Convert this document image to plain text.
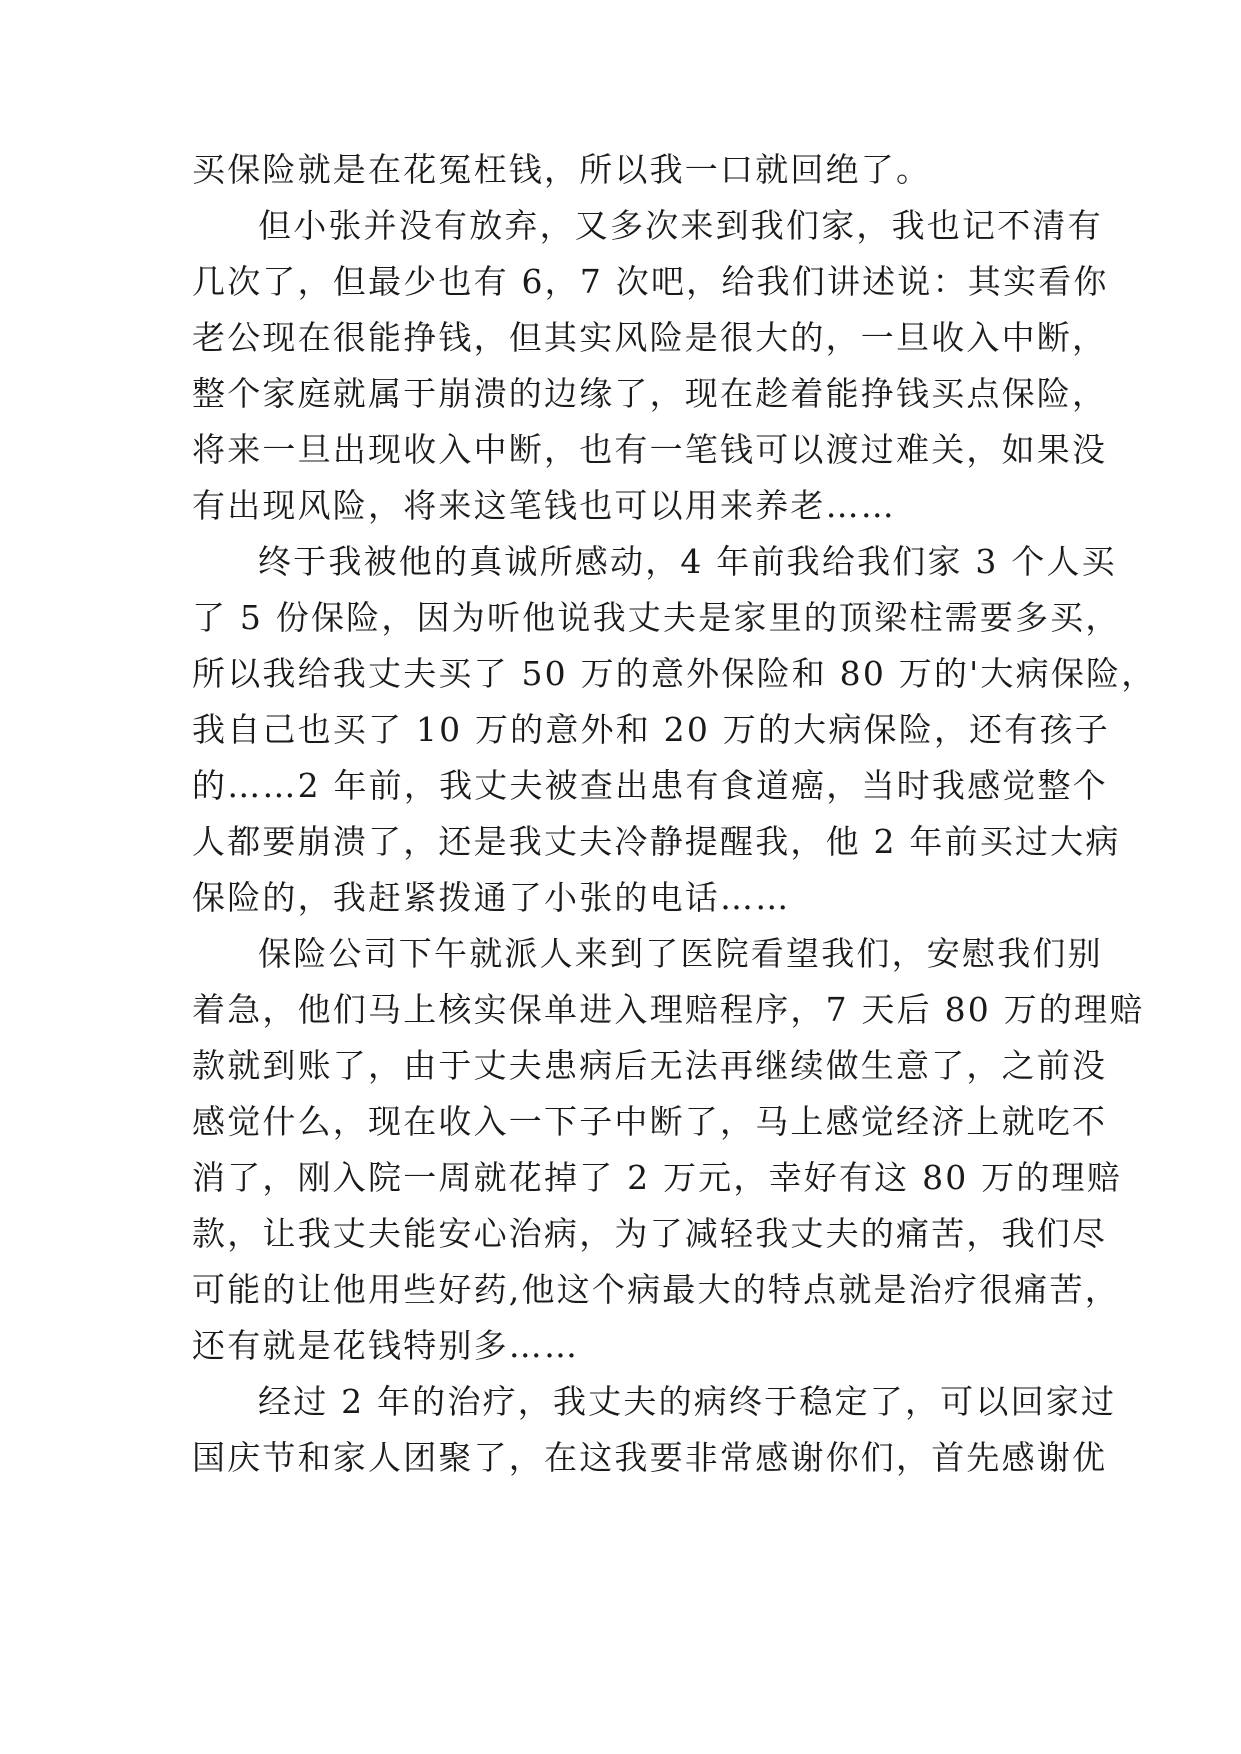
买保险就是在花冤枉钱，所以我一口就回绝了。
但小张并没有放弃，又多次来到我们家，我也记不清有
几次了，但最少也有 6，7 次吧，给我们讲述说：其实看你
老公现在很能挣钱，但其实风险是很大的，一旦收入中断，
整个家庭就属于崩溃的边缘了，现在趁着能挣钱买点保险，
将来一旦出现收入中断，也有一笔钱可以渡过难关，如果没
有出现风险，将来这笔钱也可以用来养老……
终于我被他的真诚所感动，4 年前我给我们家 3 个人买
了 5 份保险，因为听他说我丈夫是家里的顶梁柱需要多买，
所以我给我丈夫买了 50 万的意外保险和 80 万的'大病保险，
我自己也买了 10 万的意外和 20 万的大病保险，还有孩子
的……2 年前，我丈夫被查出患有食道癌，当时我感觉整个
人都要崩溃了，还是我丈夫冷静提醒我，他 2 年前买过大病
保险的，我赶紧拨通了小张的电话……
保险公司下午就派人来到了医院看望我们，安慰我们别
着急，他们马上核实保单进入理赔程序，7 天后 80 万的理赔
款就到账了，由于丈夫患病后无法再继续做生意了，之前没
感觉什么，现在收入一下子中断了，马上感觉经济上就吃不
消了，刚入院一周就花掉了 2 万元，幸好有这 80 万的理赔
款，让我丈夫能安心治病，为了减轻我丈夫的痛苦，我们尽
可能的让他用些好药,他这个病最大的特点就是治疗很痛苦，
还有就是花钱特别多……
经过 2 年的治疗，我丈夫的病终于稳定了，可以回家过
国庆节和家人团聚了，在这我要非常感谢你们，首先感谢优
